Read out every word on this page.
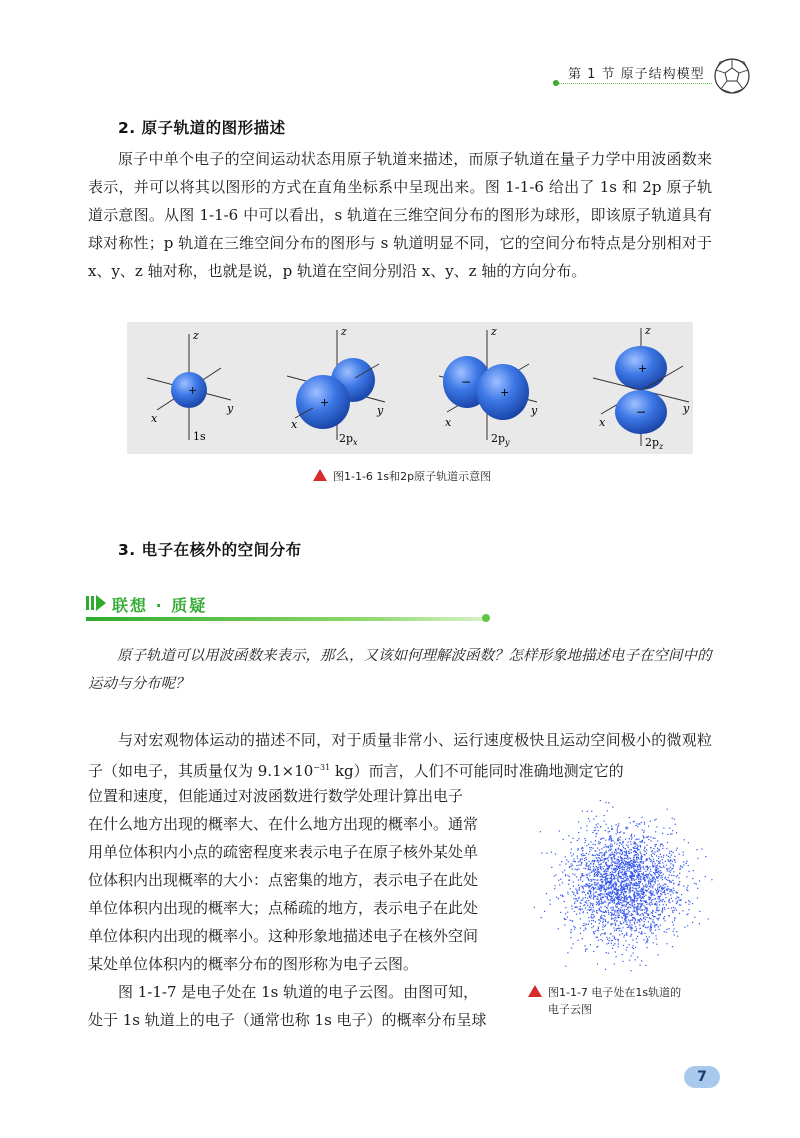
第 1 节 原子结构模型
2. 原子轨道的图形描述

原子中单个电子的空间运动状态用原子轨道来描述，而原子轨道在量子力学中用波函数来表示，并可以将其以图形的方式在直角坐标系中呈现出来。图 1-1-6 给出了 1s 和 2p 原子轨道示意图。从图 1-1-6 中可以看出，s 轨道在三维空间分布的图形为球形，即该原子轨道具有球对称性；p 轨道在三维空间分布的图形与 s 轨道明显不同，它的空间分布特点是分别相对于 x、y、z 轴对称，也就是说，p 轨道在空间分别沿 x、y、z 轴的方向分布。

+
z
y
x
1s
+
z
y
x
$2p_x$
−
+
z
y
x
$2p_y$
+
−
z
y
x
$2p_z$
图1-1-6 1s和2p原子轨道示意图
3. 电子在核外的空间分布
联想 · 质疑
原子轨道可以用波函数来表示，那么，又该如何理解波函数？怎样形象地描述电子在空间中的运动与分布呢？

与对宏观物体运动的描述不同，对于质量非常小、运行速度极快且运动空间极小的微观粒子（如电子，其质量仅为 $9.1\times 10^{-31}$ kg）而言，人们不可能同时准确地测定它的

位置和速度，但能通过对波函数进行数学处理计算出电子

在什么地方出现的概率大、在什么地方出现的概率小。通常

用单位体积内小点的疏密程度来表示电子在原子核外某处单

位体积内出现概率的大小：点密集的地方，表示电子在此处

单位体积内出现的概率大；点稀疏的地方，表示电子在此处

单位体积内出现的概率小。这种形象地描述电子在核外空间

某处单位体积内的概率分布的图形称为电子云图。

图 1-1-7 是电子处在 1s 轨道的电子云图。由图可知，

处于 1s 轨道上的电子（通常也称 1s 电子）的概率分布呈球

图1-1-7 电子处在1s轨道的
电子云图
7
